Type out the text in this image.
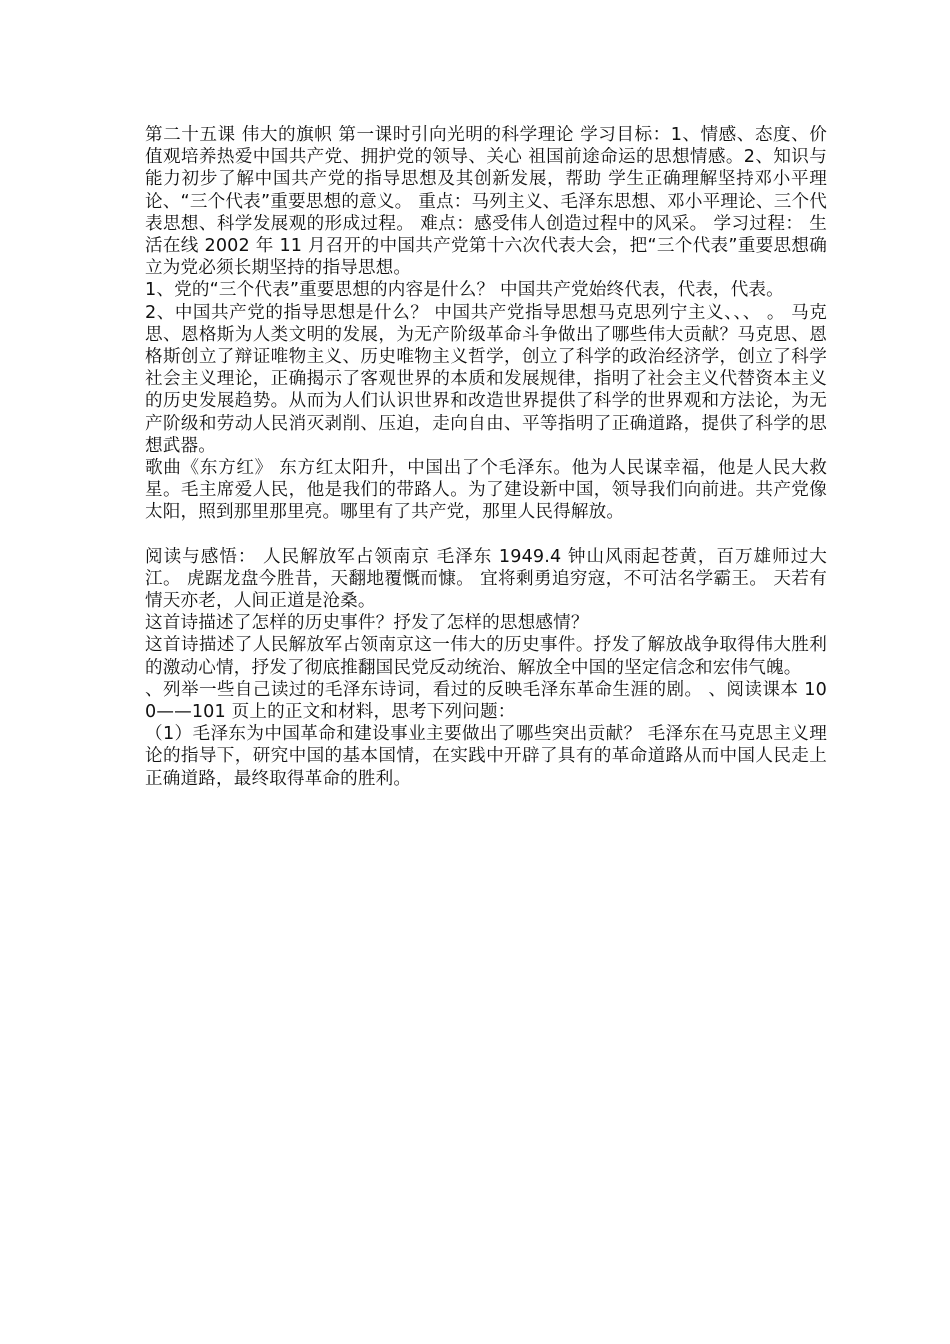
第二十五课 伟大的旗帜 第一课时引向光明的科学理论 学习目标：1、情感、态度、价值观培养热爱中国共产党、拥护党的领导、关心 祖国前途命运的思想情感。2、知识与能力初步了解中国共产党的指导思想及其创新发展，帮助 学生正确理解坚持邓小平理论、“三个代表”重要思想的意义。 重点：马列主义、毛泽东思想、邓小平理论、三个代表思想、科学发展观的形成过程。 难点：感受伟人创造过程中的风采。 学习过程： 生活在线 2002 年 11 月召开的中国共产党第十六次代表大会，把“三个代表”重要思想确立为党必须长期坚持的指导思想。

1、党的“三个代表”重要思想的内容是什么？ 中国共产党始终代表，代表，代表。

2、中国共产党的指导思想是什么？ 中国共产党指导思想马克思列宁主义、、、 。 马克思、恩格斯为人类文明的发展，为无产阶级革命斗争做出了哪些伟大贡献？马克思、恩格斯创立了辩证唯物主义、历史唯物主义哲学，创立了科学的政治经济学，创立了科学社会主义理论，正确揭示了客观世界的本质和发展规律，指明了社会主义代替资本主义的历史发展趋势。从而为人们认识世界和改造世界提供了科学的世界观和方法论，为无产阶级和劳动人民消灭剥削、压迫，走向自由、平等指明了正确道路，提供了科学的思想武器。

歌曲《东方红》 东方红太阳升，中国出了个毛泽东。他为人民谋幸福，他是人民大救星。毛主席爱人民，他是我们的带路人。为了建设新中国，领导我们向前进。共产党像太阳，照到那里那里亮。哪里有了共产党，那里人民得解放。

阅读与感悟： 人民解放军占领南京 毛泽东 1949.4 钟山风雨起苍黄，百万雄师过大江。 虎踞龙盘今胜昔，天翻地覆慨而慷。 宜将剩勇追穷寇，不可沽名学霸王。 天若有情天亦老，人间正道是沧桑。

这首诗描述了怎样的历史事件？抒发了怎样的思想感情？

这首诗描述了人民解放军占领南京这一伟大的历史事件。抒发了解放战争取得伟大胜利的激动心情，抒发了彻底推翻国民党反动统治、解放全中国的坚定信念和宏伟气魄。

、列举一些自己读过的毛泽东诗词，看过的反映毛泽东革命生涯的剧。 、阅读课本 100——101 页上的正文和材料，思考下列问题：

（1）毛泽东为中国革命和建设事业主要做出了哪些突出贡献？ 毛泽东在马克思主义理论的指导下，研究中国的基本国情，在实践中开辟了具有的革命道路从而中国人民走上正确道路，最终取得革命的胜利。
